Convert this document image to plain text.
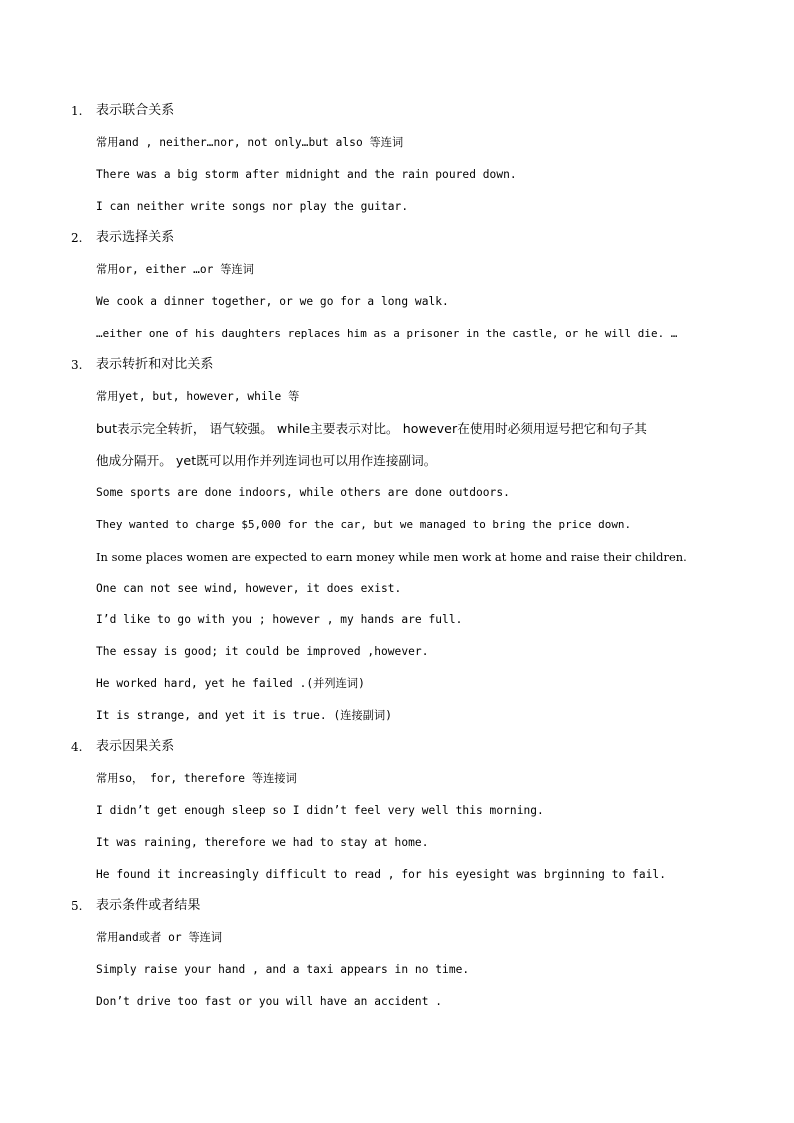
1. 表示联合关系
常用and , neither…nor, not only…but also 等连词
There was a big storm after midnight and the rain poured down.
I can neither write songs nor play the guitar.
2. 表示选择关系
常用or, either …or 等连词
We cook a dinner together, or we go for a long walk.
…either one of his daughters replaces him as a prisoner in the castle, or he will die. …
3. 表示转折和对比关系
常用yet, but, however, while 等
but表示完全转折， 语气较强。 while主要表示对比。 however在使用时必须用逗号把它和句子其
他成分隔开。 yet既可以用作并列连词也可以用作连接副词。
Some sports are done indoors, while others are done outdoors.
They wanted to charge $5,000 for the car, but we managed to bring the price down.
In some places women are expected to earn money while men work at home and raise their children.
One can not see wind, however, it does exist.
I’d like to go with you ; however , my hands are full.
The essay is good; it could be improved ,however.
He worked hard, yet he failed .(并列连词)
It is strange, and yet it is true. (连接副词)
4. 表示因果关系
常用so， for, therefore 等连接词
I didn’t get enough sleep so I didn’t feel very well this morning.
It was raining, therefore we had to stay at home.
He found it increasingly difficult to read , for his eyesight was brginning to fail.
5. 表示条件或者结果
常用and或者 or 等连词
Simply raise your hand , and a taxi appears in no time.
Don’t drive too fast or you will have an accident .
